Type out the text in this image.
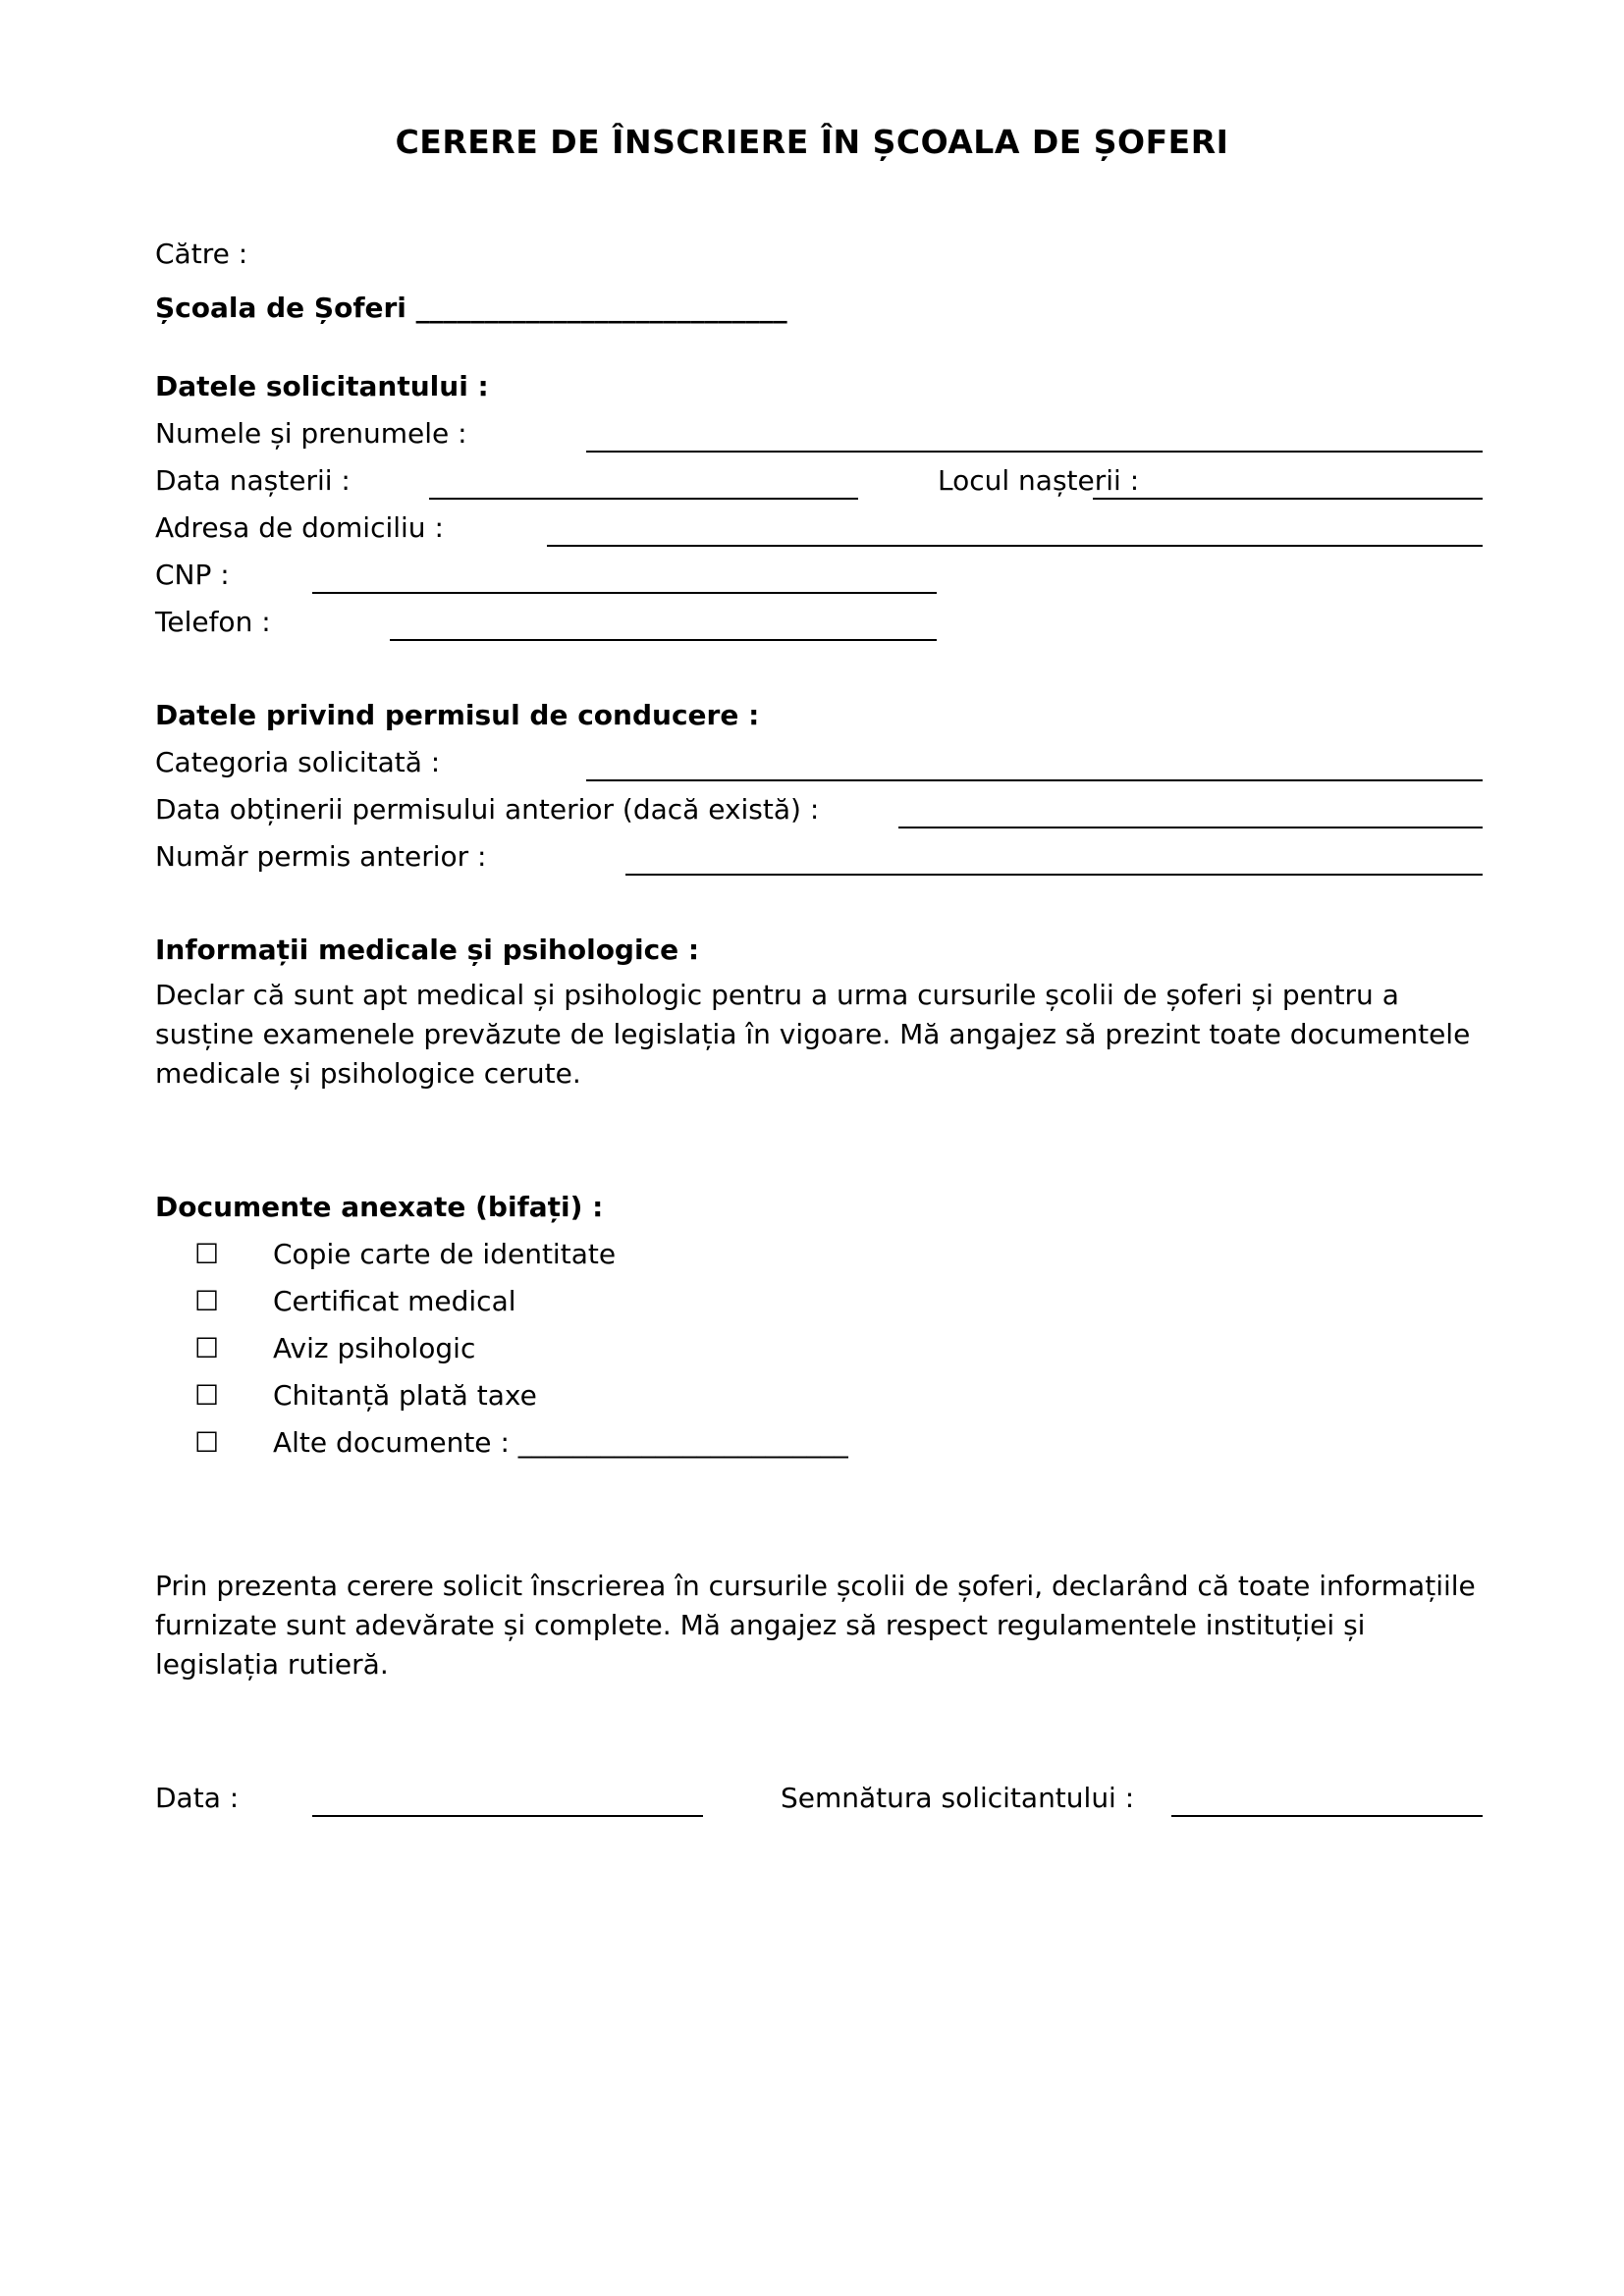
CERERE DE ÎNSCRIERE ÎN ȘCOALA DE ȘOFERI
Către :
Școala de Șoferi ___________________________
Datele solicitantului :
Numele și prenumele :
Data nașterii :	Locul nașterii :
Adresa de domiciliu :
CNP :
Telefon :
Datele privind permisul de conducere :
Categoria solicitată :
Data obținerii permisului anterior (dacă există) :
Număr permis anterior :
Informații medicale și psihologice :
Declar că sunt apt medical și psihologic pentru a urma cursurile școlii de șoferi și pentru a susține examenele prevăzute de legislația în vigoare. Mă angajez să prezint toate documentele medicale și psihologice cerute.
Documente anexate (bifați) :
☐ Copie carte de identitate
☐ Certificat medical
☐ Aviz psihologic
☐ Chitanță plată taxe
☐ Alte documente : ________________________
Prin prezenta cerere solicit înscrierea în cursurile școlii de șoferi, declarând că toate informațiile furnizate sunt adevărate și complete. Mă angajez să respect regulamentele instituției și legislația rutieră.
Data :	Semnătura solicitantului :
